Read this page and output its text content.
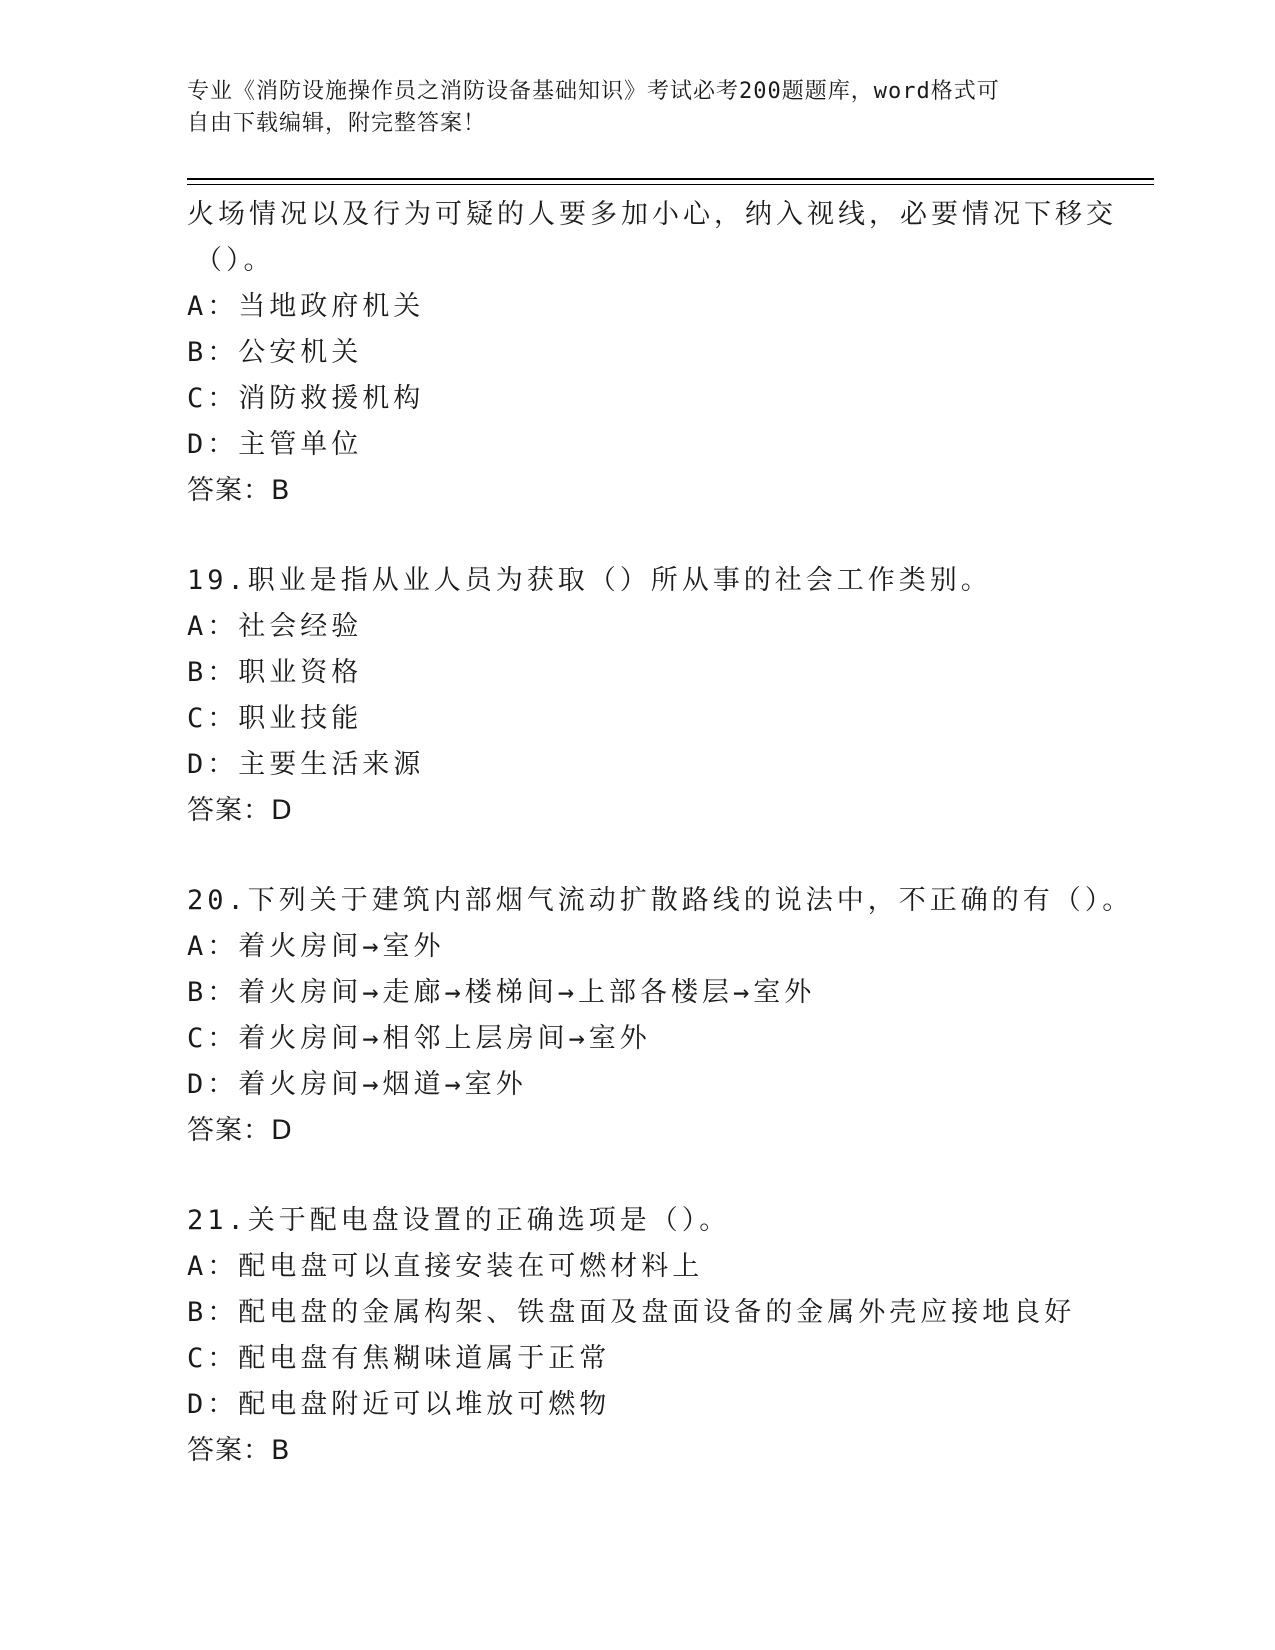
专业《消防设施操作员之消防设备基础知识》考试必考200题题库，word格式可
自由下载编辑，附完整答案！
火场情况以及行为可疑的人要多加小心，纳入视线，必要情况下移交
（）。
A：当地政府机关
B：公安机关
C：消防救援机构
D：主管单位
答案：B
19.职业是指从业人员为获取（）所从事的社会工作类别。
A：社会经验
B：职业资格
C：职业技能
D：主要生活来源
答案：D
20.下列关于建筑内部烟气流动扩散路线的说法中，不正确的有（）。
A：着火房间→室外
B：着火房间→走廊→楼梯间→上部各楼层→室外
C：着火房间→相邻上层房间→室外
D：着火房间→烟道→室外
答案：D
21.关于配电盘设置的正确选项是（）。
A：配电盘可以直接安装在可燃材料上
B：配电盘的金属构架、铁盘面及盘面设备的金属外壳应接地良好
C：配电盘有焦糊味道属于正常
D：配电盘附近可以堆放可燃物
答案：B
